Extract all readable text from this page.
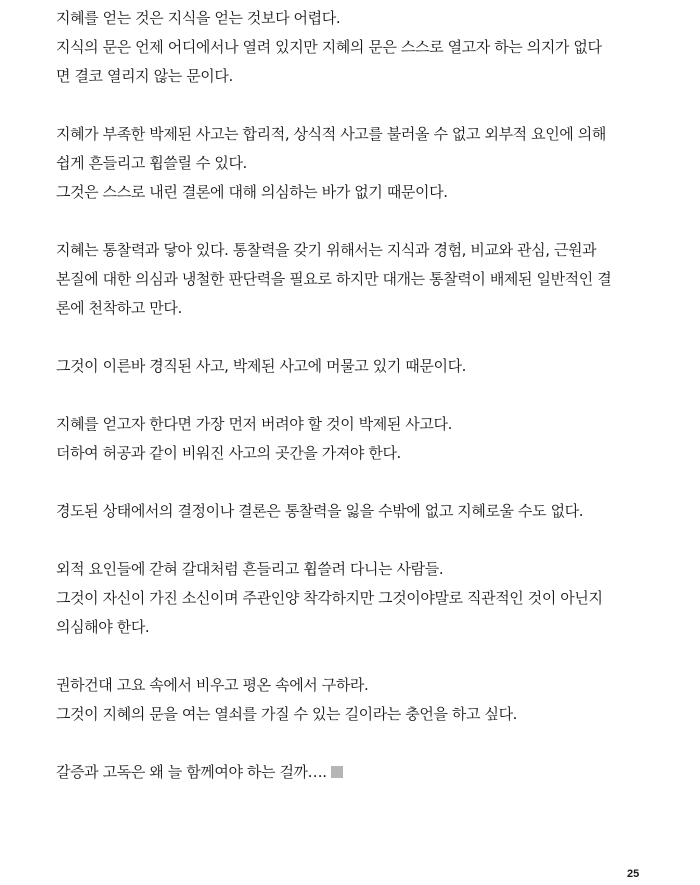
지혜를 얻는 것은 지식을 얻는 것보다 어렵다.
지식의 문은 언제 어디에서나 열려 있지만 지혜의 문은 스스로 열고자 하는 의지가 없다
면 결코 열리지 않는 문이다.
지혜가 부족한 박제된 사고는 합리적, 상식적 사고를 불러올 수 없고 외부적 요인에 의해
쉽게 흔들리고 휩쓸릴 수 있다.
그것은 스스로 내린 결론에 대해 의심하는 바가 없기 때문이다.
지혜는 통찰력과 닿아 있다. 통찰력을 갖기 위해서는 지식과 경험, 비교와 관심, 근원과
본질에 대한 의심과 냉철한 판단력을 필요로 하지만 대개는 통찰력이 배제된 일반적인 결
론에 천착하고 만다.
그것이 이른바 경직된 사고, 박제된 사고에 머물고 있기 때문이다.
지혜를 얻고자 한다면 가장 먼저 버려야 할 것이 박제된 사고다.
더하여 허공과 같이 비워진 사고의 곳간을 가져야 한다.
경도된 상태에서의 결정이나 결론은 통찰력을 잃을 수밖에 없고 지혜로울 수도 없다.
외적 요인들에 갇혀 갈대처럼 흔들리고 휩쓸려 다니는 사람들.
그것이 자신이 가진 소신이며 주관인양 착각하지만 그것이야말로 직관적인 것이 아닌지
의심해야 한다.
권하건대 고요 속에서 비우고 평온 속에서 구하라.
그것이 지혜의 문을 여는 열쇠를 가질 수 있는 길이라는 충언을 하고 싶다.
갈증과 고독은 왜 늘 함께여야 하는 걸까….
25
